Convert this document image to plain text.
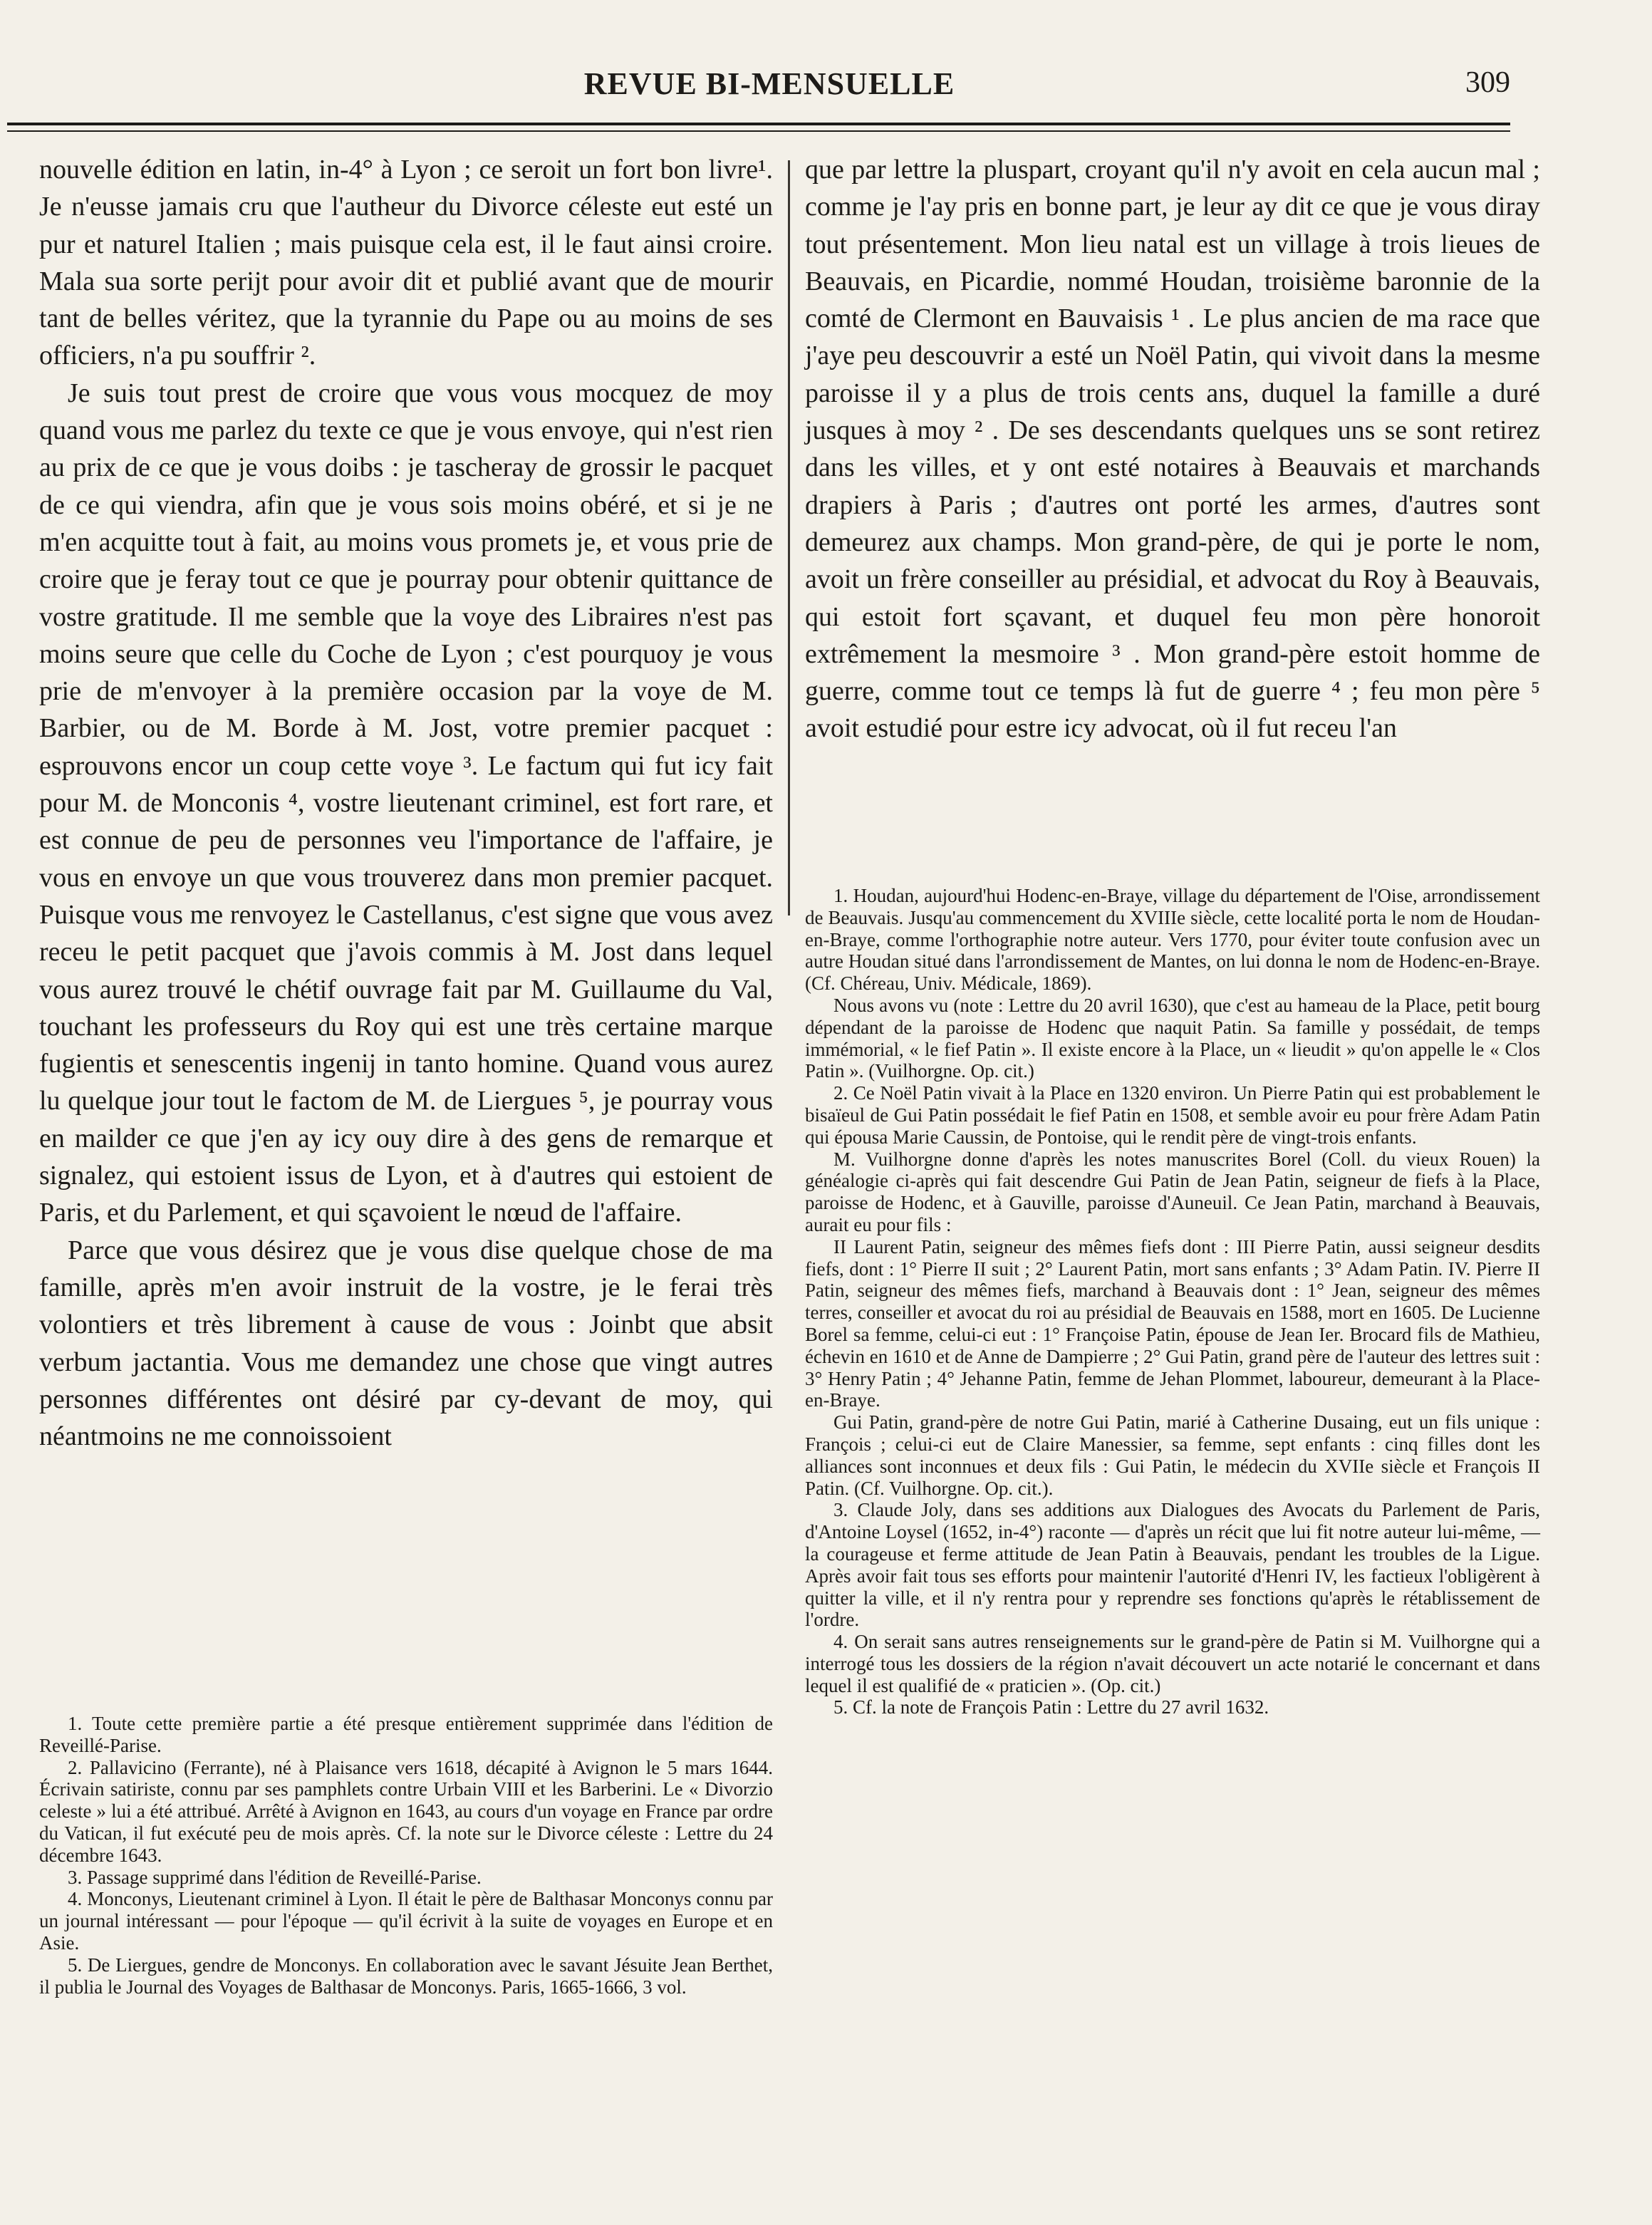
REVUE BI-MENSUELLE	309

nouvelle édition en latin, in-4° à Lyon ; ce seroit un fort bon livre¹. Je n'eusse jamais cru que l'autheur du Divorce céleste eut esté un pur et naturel Italien ; mais puisque cela est, il le faut ainsi croire. Mala sua sorte perijt pour avoir dit et publié avant que de mourir tant de belles véritez, que la tyrannie du Pape ou au moins de ses officiers, n'a pu souffrir ².

Je suis tout prest de croire que vous vous mocquez de moy quand vous me parlez du texte ce que je vous envoye, qui n'est rien au prix de ce que je vous doibs : je tascheray de grossir le pacquet de ce qui viendra, afin que je vous sois moins obéré, et si je ne m'en acquitte tout à fait, au moins vous promets je, et vous prie de croire que je feray tout ce que je pourray pour obtenir quittance de vostre gratitude. Il me semble que la voye des Libraires n'est pas moins seure que celle du Coche de Lyon ; c'est pourquoy je vous prie de m'envoyer à la première occasion par la voye de M. Barbier, ou de M. Borde à M. Jost, votre premier pacquet : esprouvons encor un coup cette voye ³. Le factum qui fut icy fait pour M. de Monconis ⁴, vostre lieutenant criminel, est fort rare, et est connue de peu de personnes veu l'importance de l'affaire, je vous en envoye un que vous trouverez dans mon premier pacquet. Puisque vous me renvoyez le Castellanus, c'est signe que vous avez receu le petit pacquet que j'avois commis à M. Jost dans lequel vous aurez trouvé le chétif ouvrage fait par M. Guillaume du Val, touchant les professeurs du Roy qui est une très certaine marque fugientis et senescentis ingenij in tanto homine. Quand vous aurez lu quelque jour tout le factom de M. de Liergues ⁵, je pourray vous en mailder ce que j'en ay icy ouy dire à des gens de remarque et signalez, qui estoient issus de Lyon, et à d'autres qui estoient de Paris, et du Parlement, et qui sçavoient le nœud de l'affaire.

Parce que vous désirez que je vous dise quelque chose de ma famille, après m'en avoir instruit de la vostre, je le ferai très volontiers et très librement à cause de vous : Joinbt que absit verbum jactantia. Vous me demandez une chose que vingt autres personnes différentes ont désiré par cy-devant de moy, qui néantmoins ne me connoissoient

que par lettre la pluspart, croyant qu'il n'y avoit en cela aucun mal ; comme je l'ay pris en bonne part, je leur ay dit ce que je vous diray tout présentement. Mon lieu natal est un village à trois lieues de Beauvais, en Picardie, nommé Houdan, troisième baronnie de la comté de Clermont en Bauvaisis ¹ . Le plus ancien de ma race que j'aye peu descouvrir a esté un Noël Patin, qui vivoit dans la mesme paroisse il y a plus de trois cents ans, duquel la famille a duré jusques à moy ² . De ses descendants quelques uns se sont retirez dans les villes, et y ont esté notaires à Beauvais et marchands drapiers à Paris ; d'autres ont porté les armes, d'autres sont demeurez aux champs. Mon grand-père, de qui je porte le nom, avoit un frère conseiller au présidial, et advocat du Roy à Beauvais, qui estoit fort sçavant, et duquel feu mon père honoroit extrêmement la mesmoire ³ . Mon grand-père estoit homme de guerre, comme tout ce temps là fut de guerre ⁴ ; feu mon père ⁵ avoit estudié pour estre icy advocat, où il fut receu l'an

1. Toute cette première partie a été presque entièrement supprimée dans l'édition de Reveillé-Parise.

2. Pallavicino (Ferrante), né à Plaisance vers 1618, décapité à Avignon le 5 mars 1644. Écrivain satiriste, connu par ses pamphlets contre Urbain VIII et les Barberini. Le « Divorzio celeste » lui a été attribué. Arrêté à Avignon en 1643, au cours d'un voyage en France par ordre du Vatican, il fut exécuté peu de mois après. Cf. la note sur le Divorce céleste : Lettre du 24 décembre 1643.

3. Passage supprimé dans l'édition de Reveillé-Parise.

4. Monconys, Lieutenant criminel à Lyon. Il était le père de Balthasar Monconys connu par un journal intéressant — pour l'époque — qu'il écrivit à la suite de voyages en Europe et en Asie.

5. De Liergues, gendre de Monconys. En collaboration avec le savant Jésuite Jean Berthet, il publia le Journal des Voyages de Balthasar de Monconys. Paris, 1665-1666, 3 vol.

1. Houdan, aujourd'hui Hodenc-en-Braye, village du département de l'Oise, arrondissement de Beauvais. Jusqu'au commencement du XVIIIe siècle, cette localité porta le nom de Houdan-en-Braye, comme l'orthographie notre auteur. Vers 1770, pour éviter toute confusion avec un autre Houdan situé dans l'arrondissement de Mantes, on lui donna le nom de Hodenc-en-Braye. (Cf. Chéreau, Univ. Médicale, 1869).

Nous avons vu (note : Lettre du 20 avril 1630), que c'est au hameau de la Place, petit bourg dépendant de la paroisse de Hodenc que naquit Patin. Sa famille y possédait, de temps immémorial, « le fief Patin ». Il existe encore à la Place, un « lieudit » qu'on appelle le « Clos Patin ». (Vuilhorgne. Op. cit.)

2. Ce Noël Patin vivait à la Place en 1320 environ. Un Pierre Patin qui est probablement le bisaïeul de Gui Patin possédait le fief Patin en 1508, et semble avoir eu pour frère Adam Patin qui épousa Marie Caussin, de Pontoise, qui le rendit père de vingt-trois enfants.

M. Vuilhorgne donne d'après les notes manuscrites Borel (Coll. du vieux Rouen) la généalogie ci-après qui fait descendre Gui Patin de Jean Patin, seigneur de fiefs à la Place, paroisse de Hodenc, et à Gauville, paroisse d'Auneuil. Ce Jean Patin, marchand à Beauvais, aurait eu pour fils :

II Laurent Patin, seigneur des mêmes fiefs dont : III Pierre Patin, aussi seigneur desdits fiefs, dont : 1° Pierre II suit ; 2° Laurent Patin, mort sans enfants ; 3° Adam Patin. IV. Pierre II Patin, seigneur des mêmes fiefs, marchand à Beauvais dont : 1° Jean, seigneur des mêmes terres, conseiller et avocat du roi au présidial de Beauvais en 1588, mort en 1605. De Lucienne Borel sa femme, celui-ci eut : 1° Françoise Patin, épouse de Jean Ier. Brocard fils de Mathieu, échevin en 1610 et de Anne de Dampierre ; 2° Gui Patin, grand père de l'auteur des lettres suit : 3° Henry Patin ; 4° Jehanne Patin, femme de Jehan Plommet, laboureur, demeurant à la Place-en-Braye.

Gui Patin, grand-père de notre Gui Patin, marié à Catherine Dusaing, eut un fils unique : François ; celui-ci eut de Claire Manessier, sa femme, sept enfants : cinq filles dont les alliances sont inconnues et deux fils : Gui Patin, le médecin du XVIIe siècle et François II Patin. (Cf. Vuilhorgne. Op. cit.).

3. Claude Joly, dans ses additions aux Dialogues des Avocats du Parlement de Paris, d'Antoine Loysel (1652, in-4°) raconte — d'après un récit que lui fit notre auteur lui-même, — la courageuse et ferme attitude de Jean Patin à Beauvais, pendant les troubles de la Ligue. Après avoir fait tous ses efforts pour maintenir l'autorité d'Henri IV, les factieux l'obligèrent à quitter la ville, et il n'y rentra pour y reprendre ses fonctions qu'après le rétablissement de l'ordre.

4. On serait sans autres renseignements sur le grand-père de Patin si M. Vuilhorgne qui a interrogé tous les dossiers de la région n'avait découvert un acte notarié le concernant et dans lequel il est qualifié de « praticien ». (Op. cit.)

5. Cf. la note de François Patin : Lettre du 27 avril 1632.
